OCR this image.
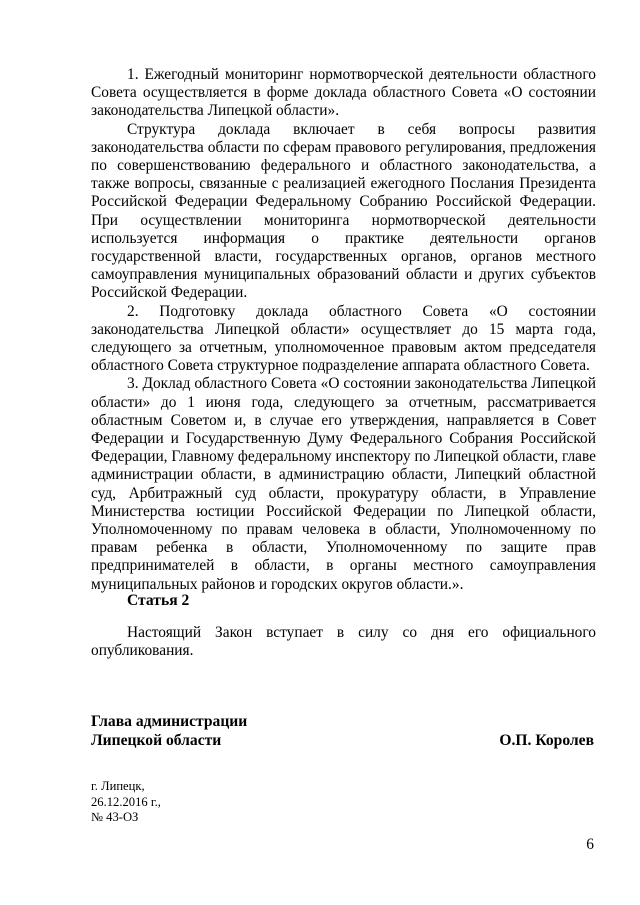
1. Ежегодный мониторинг нормотворческой деятельности областного Совета осуществляется в форме доклада областного Совета «О состоянии законодательства Липецкой области».

Структура доклада включает в себя вопросы развития законодательства области по сферам правового регулирования, предложения по совершенствованию федерального и областного законодательства, а также вопросы, связанные с реализацией ежегодного Послания Президента Российской Федерации Федеральному Собранию Российской Федерации. При осуществлении мониторинга нормотворческой деятельности используется информация о практике деятельности органов государственной власти, государственных органов, органов местного самоуправления муниципальных образований области и других субъектов Российской Федерации.

2. Подготовку доклада областного Совета «О состоянии законодательства Липецкой области» осуществляет до 15 марта года, следующего за отчетным, уполномоченное правовым актом председателя областного Совета структурное подразделение аппарата областного Совета.

3. Доклад областного Совета «О состоянии законодательства Липецкой области» до 1 июня года, следующего за отчетным, рассматривается областным Советом и, в случае его утверждения, направляется в Совет Федерации и Государственную Думу Федерального Собрания Российской Федерации, Главному федеральному инспектору по Липецкой области, главе администрации области, в администрацию области, Липецкий областной суд, Арбитражный суд области, прокуратуру области, в Управление Министерства юстиции Российской Федерации по Липецкой области, Уполномоченному по правам человека в области, Уполномоченному по правам ребенка в области, Уполномоченному по защите прав предпринимателей в области, в органы местного самоуправления муниципальных районов и городских округов области.».

Статья 2

Настоящий Закон вступает в силу со дня его официального опубликования.

Глава администрации
Липецкой области	О.П. Королев
г. Липецк,
26.12.2016 г.,
№ 43-ОЗ
6
